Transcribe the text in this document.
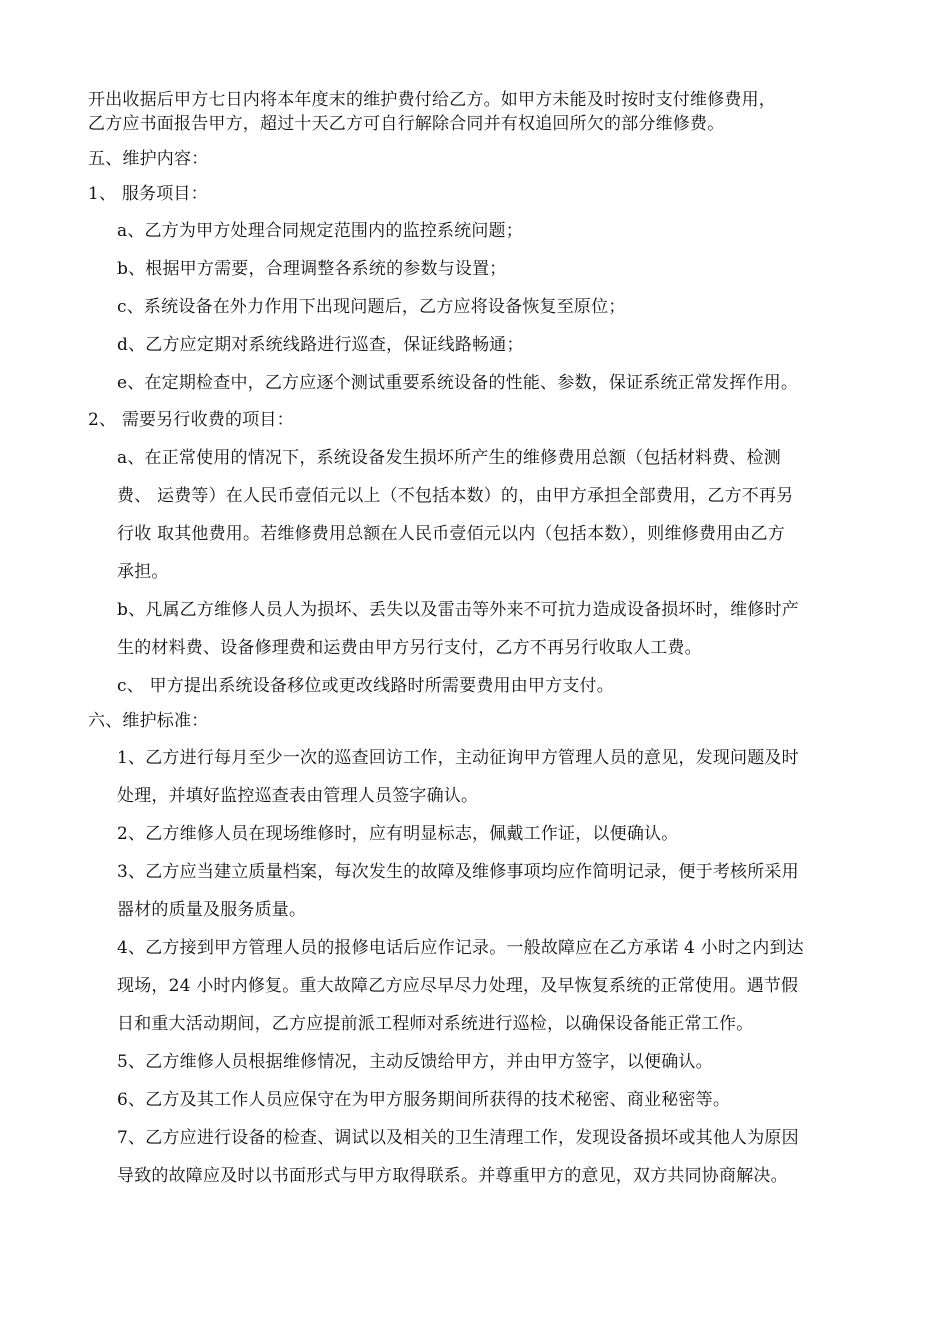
开出收据后甲方七日内将本年度末的维护费付给乙方。如甲方未能及时按时支付维修费用，
乙方应书面报告甲方，超过十天乙方可自行解除合同并有权追回所欠的部分维修费。
五、维护内容：
1、 服务项目：
a、乙方为甲方处理合同规定范围内的监控系统问题；
b、根据甲方需要，合理调整各系统的参数与设置；
c、系统设备在外力作用下出现问题后，乙方应将设备恢复至原位；
d、乙方应定期对系统线路进行巡查，保证线路畅通；
e、在定期检查中，乙方应逐个测试重要系统设备的性能、参数，保证系统正常发挥作用。
2、 需要另行收费的项目：
a、在正常使用的情况下，系统设备发生损坏所产生的维修费用总额（包括材料费、检测
费、 运费等）在人民币壹佰元以上（不包括本数）的，由甲方承担全部费用，乙方不再另
行收 取其他费用。若维修费用总额在人民币壹佰元以内（包括本数），则维修费用由乙方
承担。
b、凡属乙方维修人员人为损坏、丢失以及雷击等外来不可抗力造成设备损坏时，维修时产
生的材料费、设备修理费和运费由甲方另行支付，乙方不再另行收取人工费。
c、 甲方提出系统设备移位或更改线路时所需要费用由甲方支付。
六、维护标准：
1、乙方进行每月至少一次的巡查回访工作，主动征询甲方管理人员的意见，发现问题及时
处理，并填好监控巡查表由管理人员签字确认。
2、乙方维修人员在现场维修时，应有明显标志，佩戴工作证，以便确认。
3、乙方应当建立质量档案，每次发生的故障及维修事项均应作简明记录，便于考核所采用
器材的质量及服务质量。
4、乙方接到甲方管理人员的报修电话后应作记录。一般故障应在乙方承诺 4 小时之内到达
现场，24 小时内修复。重大故障乙方应尽早尽力处理，及早恢复系统的正常使用。遇节假
日和重大活动期间，乙方应提前派工程师对系统进行巡检，以确保设备能正常工作。
5、乙方维修人员根据维修情况，主动反馈给甲方，并由甲方签字，以便确认。
6、乙方及其工作人员应保守在为甲方服务期间所获得的技术秘密、商业秘密等。
7、乙方应进行设备的检查、调试以及相关的卫生清理工作，发现设备损坏或其他人为原因
导致的故障应及时以书面形式与甲方取得联系。并尊重甲方的意见，双方共同协商解决。
